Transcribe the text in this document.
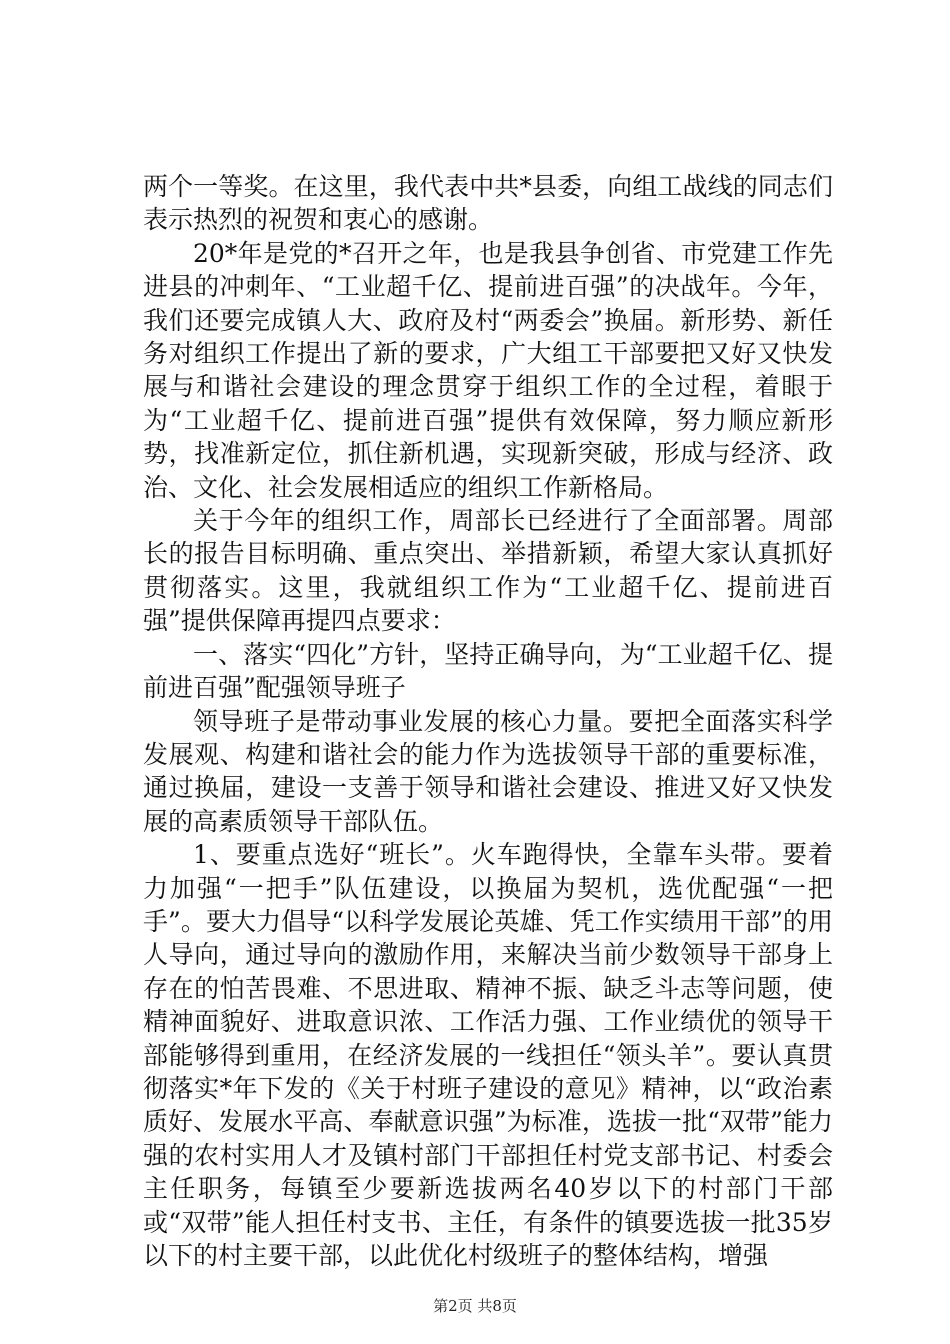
两个一等奖。在这里，我代表中共*县委，向组工战线的同志们表示热烈的祝贺和衷心的感谢。

20*年是党的*召开之年，也是我县争创省、市党建工作先进县的冲刺年、“工业超千亿、提前进百强”的决战年。今年，我们还要完成镇人大、政府及村“两委会”换届。新形势、新任务对组织工作提出了新的要求，广大组工干部要把又好又快发展与和谐社会建设的理念贯穿于组织工作的全过程，着眼于为“工业超千亿、提前进百强”提供有效保障，努力顺应新形势，找准新定位，抓住新机遇，实现新突破，形成与经济、政治、文化、社会发展相适应的组织工作新格局。

关于今年的组织工作，周部长已经进行了全面部署。周部长的报告目标明确、重点突出、举措新颖，希望大家认真抓好贯彻落实。这里，我就组织工作为“工业超千亿、提前进百强”提供保障再提四点要求：

一、落实“四化”方针，坚持正确导向，为“工业超千亿、提前进百强”配强领导班子

领导班子是带动事业发展的核心力量。要把全面落实科学发展观、构建和谐社会的能力作为选拔领导干部的重要标准，通过换届，建设一支善于领导和谐社会建设、推进又好又快发展的高素质领导干部队伍。

1、要重点选好“班长”。火车跑得快，全靠车头带。要着力加强“一把手”队伍建设，以换届为契机，选优配强“一把手”。要大力倡导“以科学发展论英雄、凭工作实绩用干部”的用人导向，通过导向的激励作用，来解决当前少数领导干部身上存在的怕苦畏难、不思进取、精神不振、缺乏斗志等问题，使精神面貌好、进取意识浓、工作活力强、工作业绩优的领导干部能够得到重用，在经济发展的一线担任“领头羊”。要认真贯彻落实*年下发的《关于村班子建设的意见》精神，以“政治素质好、发展水平高、奉献意识强”为标准，选拔一批“双带”能力强的农村实用人才及镇村部门干部担任村党支部书记、村委会主任职务，每镇至少要新选拔两名40岁以下的村部门干部或“双带”能人担任村支书、主任，有条件的镇要选拔一批35岁以下的村主要干部，以此优化村级班子的整体结构，增强

第2页 共8页
